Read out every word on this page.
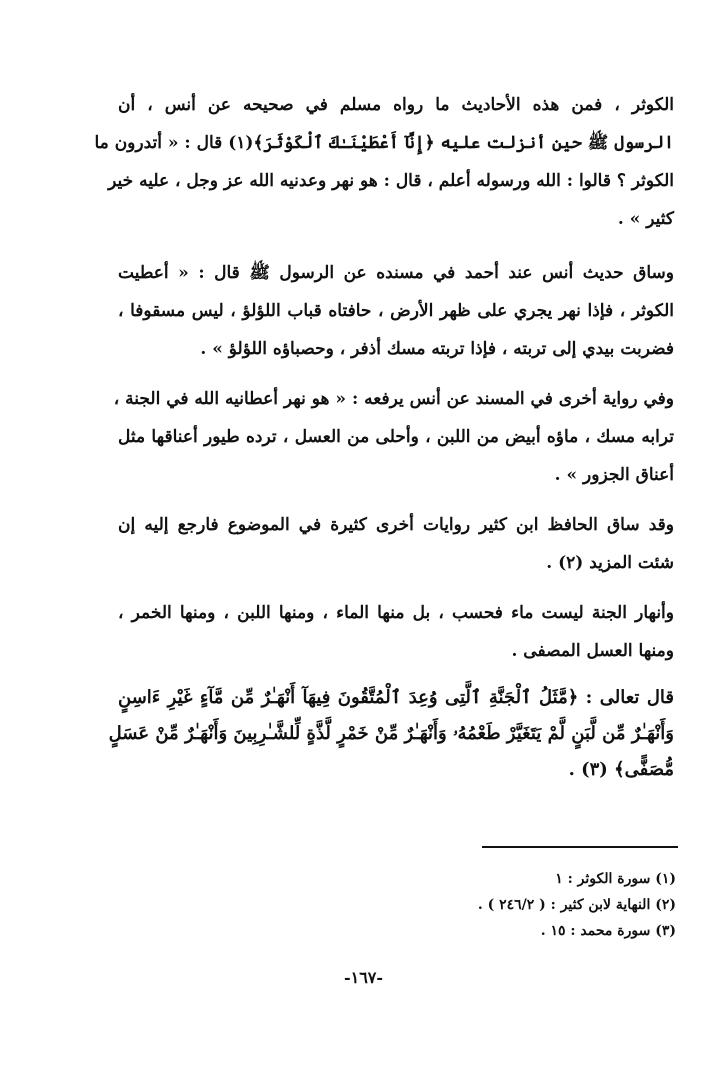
الكوثر ، فمن هذه الأحاديث ما رواه مسلم في صحيحه عن أنس ، أن
الرسول ﷺ حين أنزلت عليه ﴿إِنَّآ أَعْطَيْنَـٰكَ ٱلْكَوْثَرَ﴾(١) قال : « أتدرون ما
الكوثر ؟ قالوا : الله ورسوله أعلم ، قال : هو نهر وعدنيه الله عز وجل ، عليه خير
كثير » .
وساق حديث أنس عند أحمد في مسنده عن الرسول ﷺ قال : « أعطيت
الكوثر ، فإذا نهر يجري على ظهر الأرض ، حافتاه قباب اللؤلؤ ، ليس مسقوفا ،
فضربت بيدي إلى تربته ، فإذا تربته مسك أذفر ، وحصباؤه اللؤلؤ » .
وفي رواية أخرى في المسند عن أنس يرفعه : « هو نهر أعطانيه الله في الجنة ،
ترابه مسك ، ماؤه أبيض من اللبن ، وأحلى من العسل ، ترده طيور أعناقها مثل
أعناق الجزور » .
وقد ساق الحافظ ابن كثير روايات أخرى كثيرة في الموضوع فارجع إليه إن
شئت المزيد (٢) .
وأنهار الجنة ليست ماء فحسب ، بل منها الماء ، ومنها اللبن ، ومنها الخمر ،
ومنها العسل المصفى .
قال تعالى : ﴿مَّثَلُ ٱلْجَنَّةِ ٱلَّتِى وُعِدَ ٱلْمُتَّقُونَ فِيهَآ أَنْهَـٰرٌ مِّن مَّآءٍ غَيْرِ ءَاسِنٍ
وَأَنْهَـٰرٌ مِّن لَّبَنٍ لَّمْ يَتَغَيَّرْ طَعْمُهُۥ وَأَنْهَـٰرٌ مِّنْ خَمْرٍ لَّذَّةٍ لِّلشَّـٰرِبِينَ وَأَنْهَـٰرٌ مِّنْ عَسَلٍ
مُّصَفًّى﴾ (٣) .
(١) سورة الكوثر : ١
(٢) النهاية لابن كثير : ( ٢٤٦/٢ ) .
(٣) سورة محمد : ١٥ .
-١٦٧-
